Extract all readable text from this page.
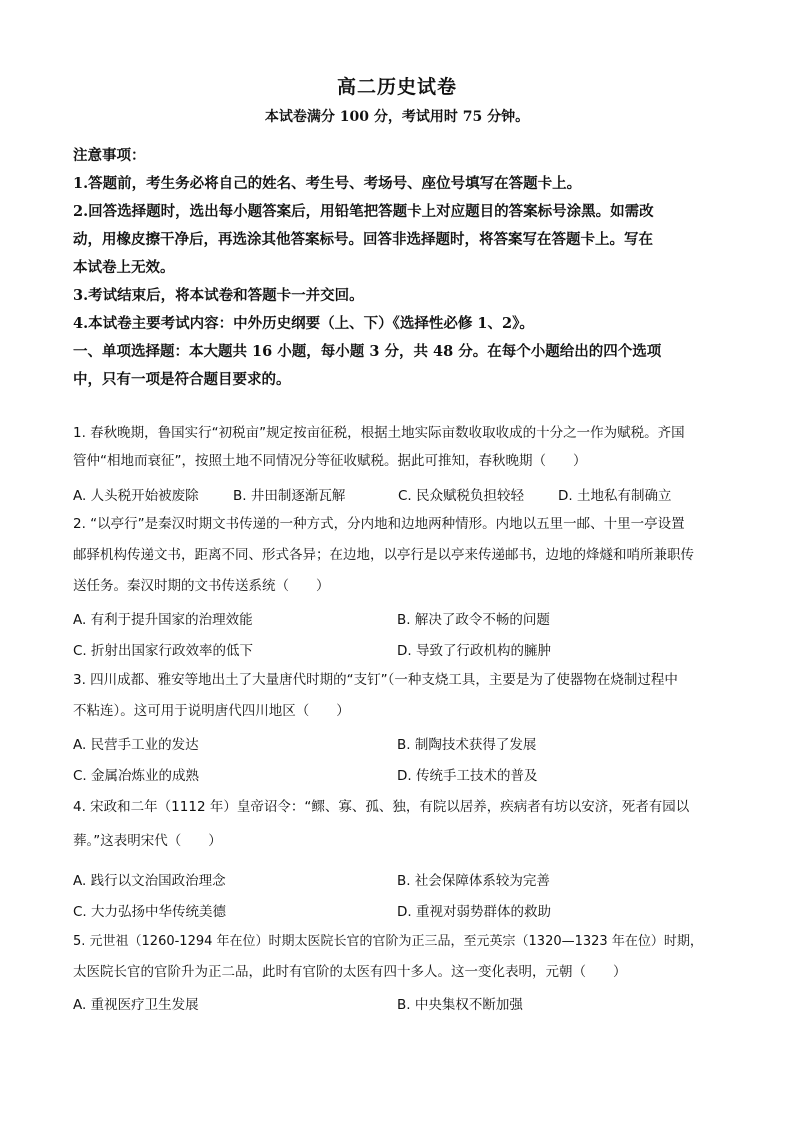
高二历史试卷
本试卷满分 100 分，考试用时 75 分钟。
注意事项：
1.答题前，考生务必将自己的姓名、考生号、考场号、座位号填写在答题卡上。
2.回答选择题时，选出每小题答案后，用铅笔把答题卡上对应题目的答案标号涂黑。如需改
动，用橡皮擦干净后，再选涂其他答案标号。回答非选择题时，将答案写在答题卡上。写在
本试卷上无效。
3.考试结束后，将本试卷和答题卡一并交回。
4.本试卷主要考试内容：中外历史纲要（上、下）《选择性必修 1、2》。
一、单项选择题：本大题共 16 小题，每小题 3 分，共 48 分。在每个小题给出的四个选项
中，只有一项是符合题目要求的。
1. 春秋晚期，鲁国实行“初税亩”规定按亩征税，根据土地实际亩数收取收成的十分之一作为赋税。齐国
管仲“相地而衰征”，按照土地不同情况分等征收赋税。据此可推知，春秋晚期（　　）
A. 人头税开始被废除	B. 井田制逐渐瓦解	C. 民众赋税负担较轻	D. 土地私有制确立
2. “以亭行”是秦汉时期文书传递的一种方式，分内地和边地两种情形。内地以五里一邮、十里一亭设置
邮驿机构传递文书，距离不同、形式各异；在边地，以亭行是以亭来传递邮书，边地的烽燧和哨所兼职传
送任务。秦汉时期的文书传送系统（　　）
A. 有利于提升国家的治理效能	B. 解决了政令不畅的问题
C. 折射出国家行政效率的低下	D. 导致了行政机构的臃肿
3. 四川成都、雅安等地出土了大量唐代时期的“支钉”（一种支烧工具，主要是为了使器物在烧制过程中
不粘连）。这可用于说明唐代四川地区（　　）
A. 民营手工业的发达	B. 制陶技术获得了发展
C. 金属冶炼业的成熟	D. 传统手工技术的普及
4. 宋政和二年（1112 年）皇帝诏令：“鳏、寡、孤、独，有院以居养，疾病者有坊以安济，死者有园以
葬。”这表明宋代（　　）
A. 践行以文治国政治理念	B. 社会保障体系较为完善
C. 大力弘扬中华传统美德	D. 重视对弱势群体的救助
5. 元世祖（1260-1294 年在位）时期太医院长官的官阶为正三品，至元英宗（1320—1323 年在位）时期，
太医院长官的官阶升为正二品，此时有官阶的太医有四十多人。这一变化表明，元朝（　　）
A. 重视医疗卫生发展	B. 中央集权不断加强
